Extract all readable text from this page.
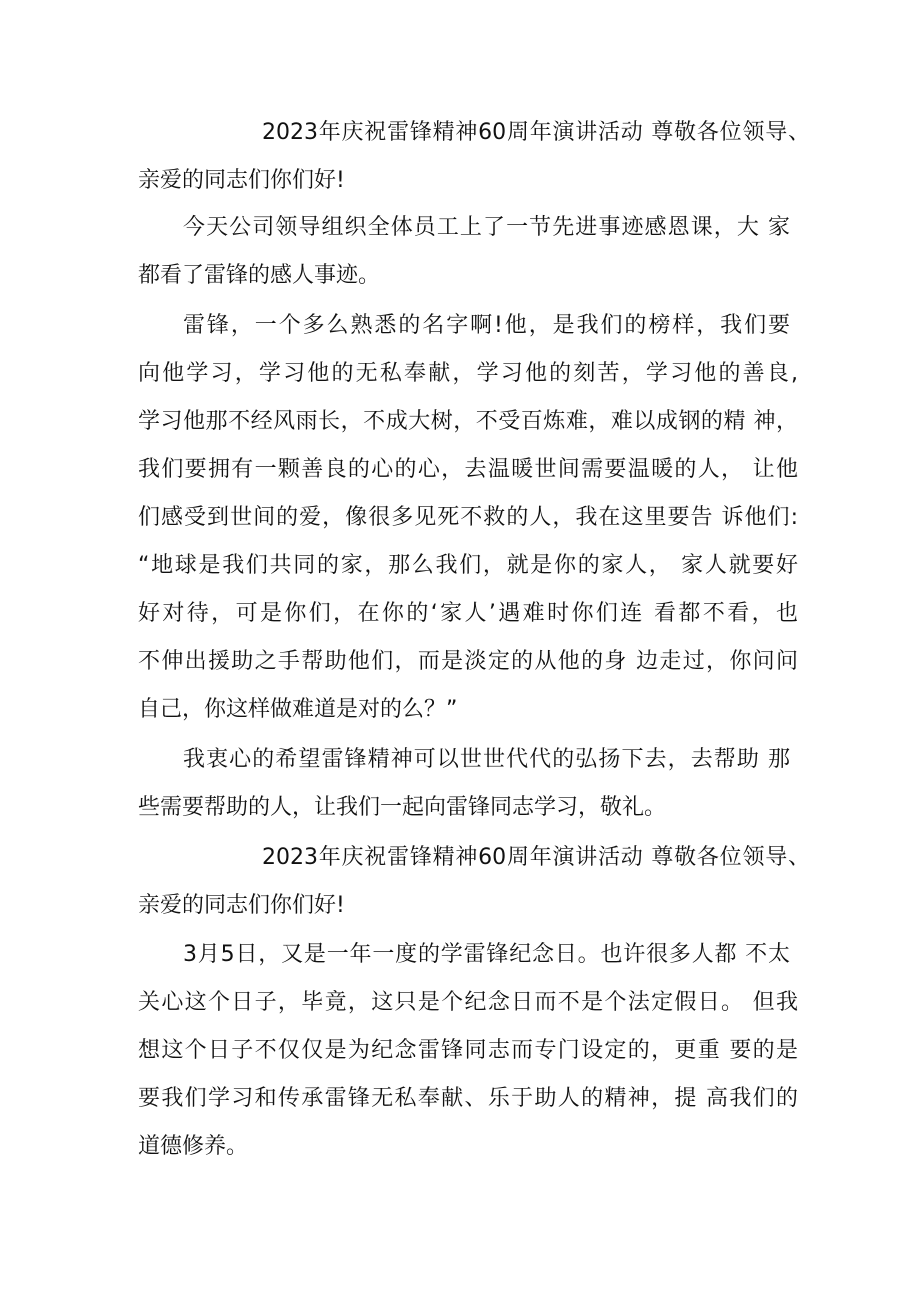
2023年庆祝雷锋精神60周年演讲活动 尊敬各位领导、
亲爱的同志们你们好!
今天公司领导组织全体员工上了一节先进事迹感恩课，大 家
都看了雷锋的感人事迹。
雷锋，一个多么熟悉的名字啊!他，是我们的榜样，我们要
向他学习，学习他的无私奉献，学习他的刻苦，学习他的善良,
学习他那不经风雨长，不成大树，不受百炼难，难以成钢的精 神，
我们要拥有一颗善良的心的心，去温暖世间需要温暖的人， 让他
们感受到世间的爱，像很多见死不救的人，我在这里要告 诉他们:
“地球是我们共同的家，那么我们，就是你的家人， 家人就要好
好对待，可是你们，在你的‘家人’遇难时你们连 看都不看，也
不伸出援助之手帮助他们，而是淡定的从他的身 边走过，你问问
自己，你这样做难道是对的么？”
我衷心的希望雷锋精神可以世世代代的弘扬下去，去帮助 那
些需要帮助的人，让我们一起向雷锋同志学习，敬礼。
2023年庆祝雷锋精神60周年演讲活动 尊敬各位领导、
亲爱的同志们你们好!
3月5日，又是一年一度的学雷锋纪念日。也许很多人都 不太
关心这个日子，毕竟，这只是个纪念日而不是个法定假日。 但我
想这个日子不仅仅是为纪念雷锋同志而专门设定的，更重 要的是
要我们学习和传承雷锋无私奉献、乐于助人的精神，提 高我们的
道德修养。
